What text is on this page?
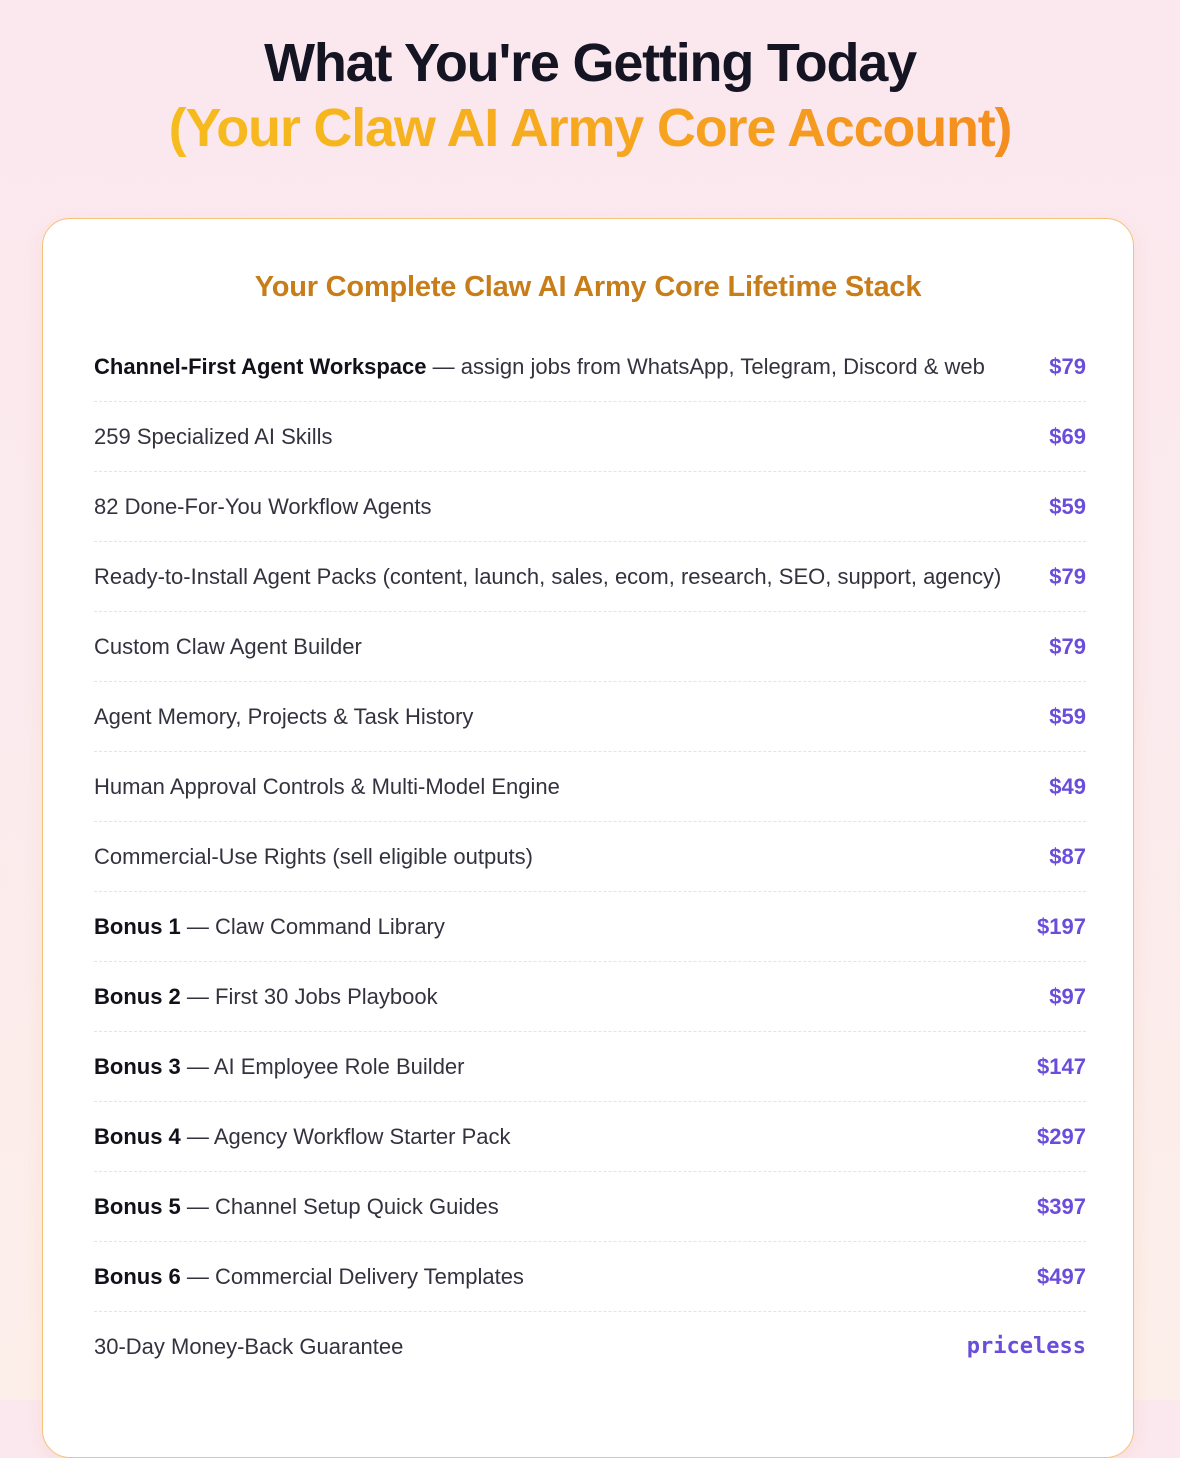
What You're Getting Today
(Your Claw AI Army Core Account)
Your Complete Claw AI Army Core Lifetime Stack
Channel-First Agent Workspace — assign jobs from WhatsApp, Telegram, Discord & web	$79
259 Specialized AI Skills	$69
82 Done-For-You Workflow Agents	$59
Ready-to-Install Agent Packs (content, launch, sales, ecom, research, SEO, support, agency)	$79
Custom Claw Agent Builder	$79
Agent Memory, Projects & Task History	$59
Human Approval Controls & Multi-Model Engine	$49
Commercial-Use Rights (sell eligible outputs)	$87
Bonus 1 — Claw Command Library	$197
Bonus 2 — First 30 Jobs Playbook	$97
Bonus 3 — AI Employee Role Builder	$147
Bonus 4 — Agency Workflow Starter Pack	$297
Bonus 5 — Channel Setup Quick Guides	$397
Bonus 6 — Commercial Delivery Templates	$497
30-Day Money-Back Guarantee	priceless
